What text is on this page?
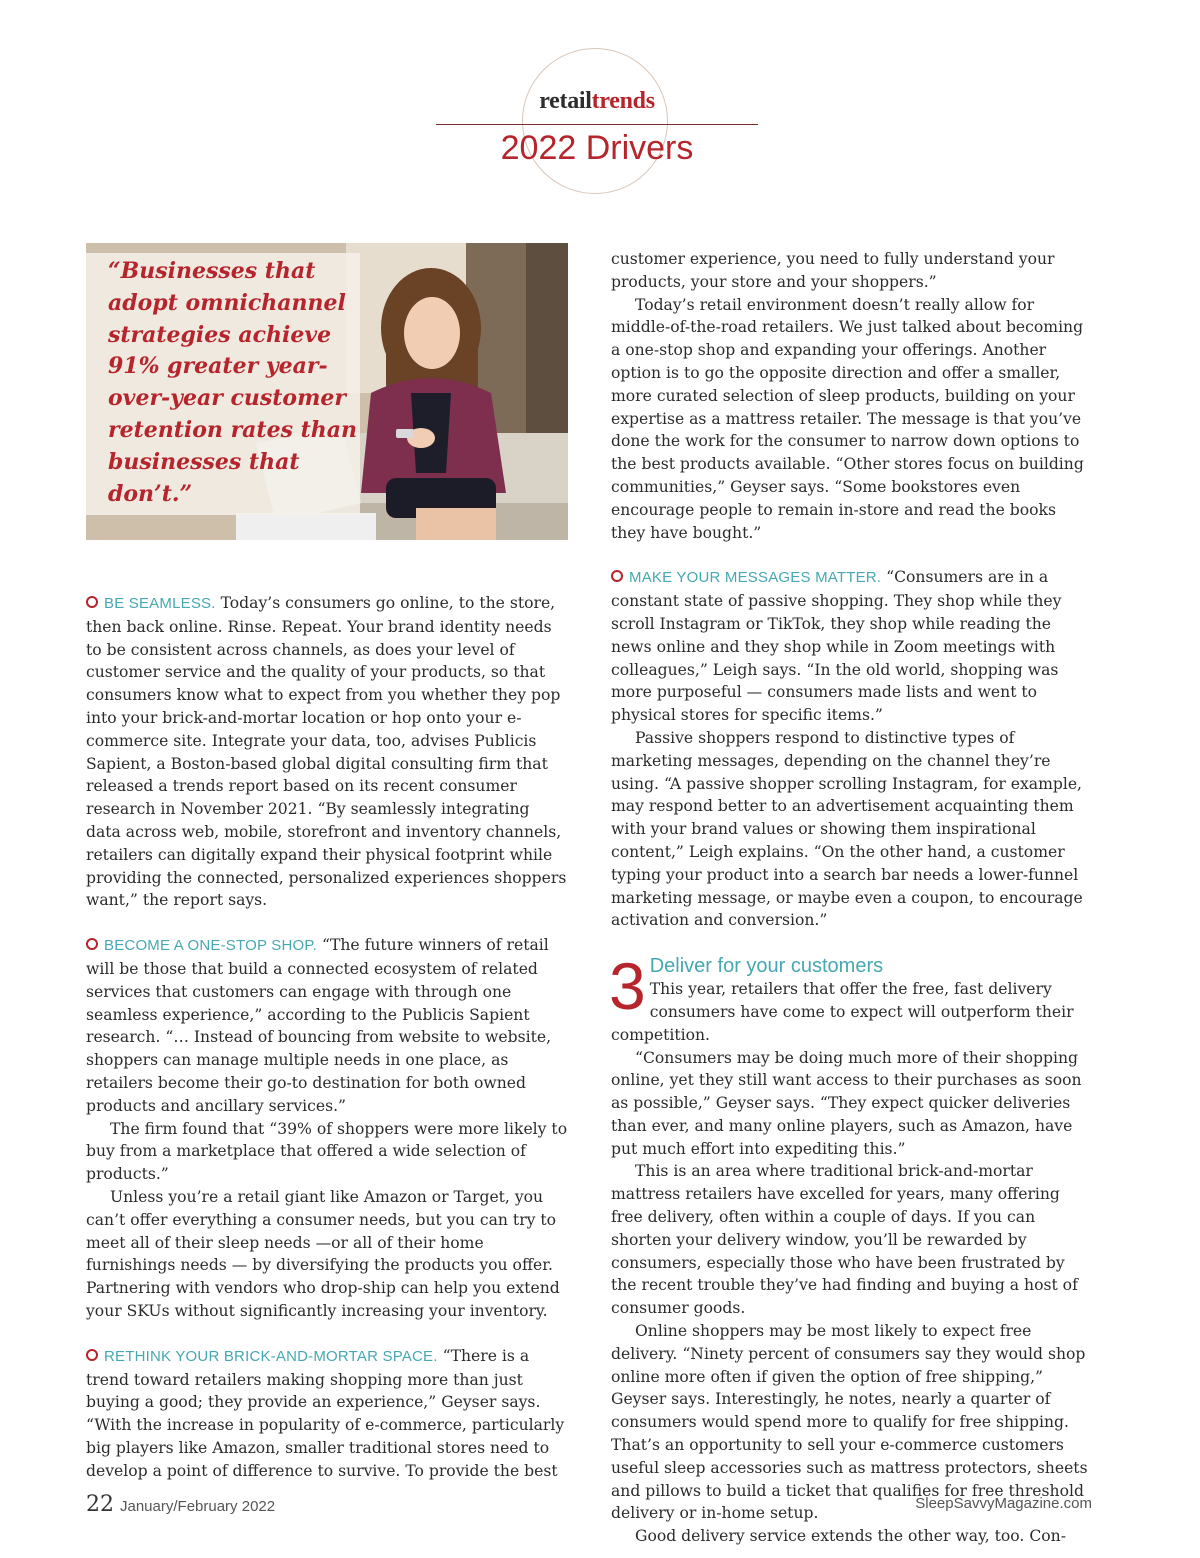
retailtrends
2022 Drivers

“Businesses that adopt omnichannel strategies achieve 91% greater year-over-year customer retention rates than businesses that don’t.”

BE SEAMLESS. Today’s consumers go online, to the store, then back online. Rinse. Repeat. Your brand identity needs to be consistent across channels, as does your level of customer service and the quality of your products, so that consumers know what to expect from you whether they pop into your brick-and-mortar location or hop onto your e-commerce site. Integrate your data, too, advises Publicis Sapient, a Boston-based global digital consulting firm that released a trends report based on its recent consumer research in November 2021. “By seamlessly integrating data across web, mobile, storefront and inventory channels, retailers can digitally expand their physical footprint while providing the connected, personalized experiences shoppers want,” the report says.

BECOME A ONE-STOP SHOP. “The future winners of retail will be those that build a connected ecosystem of related services that customers can engage with through one seamless experience,” according to the Publicis Sapient research. “… Instead of bouncing from website to website, shoppers can manage multiple needs in one place, as retailers become their go-to destination for both owned products and ancillary services.”

The firm found that “39% of shoppers were more likely to buy from a marketplace that offered a wide selection of products.”

Unless you’re a retail giant like Amazon or Target, you can’t offer everything a consumer needs, but you can try to meet all of their sleep needs —or all of their home furnishings needs — by diversifying the products you offer. Partnering with vendors who drop-ship can help you extend your SKUs without significantly increasing your inventory.

RETHINK YOUR BRICK-AND-MORTAR SPACE. “There is a trend toward retailers making shopping more than just buying a good; they provide an experience,” Geyser says. “With the increase in popularity of e-commerce, particularly big players like Amazon, smaller traditional stores need to develop a point of difference to survive. To provide the best

customer experience, you need to fully understand your products, your store and your shoppers.”

Today’s retail environment doesn’t really allow for middle-of-the-road retailers. We just talked about becoming a one-stop shop and expanding your offerings. Another option is to go the opposite direction and offer a smaller, more curated selection of sleep products, building on your expertise as a mattress retailer. The message is that you’ve done the work for the consumer to narrow down options to the best products available. “Other stores focus on building communities,” Geyser says. “Some bookstores even encourage people to remain in-store and read the books they have bought.”

MAKE YOUR MESSAGES MATTER. “Consumers are in a constant state of passive shopping. They shop while they scroll Instagram or TikTok, they shop while reading the news online and they shop while in Zoom meetings with colleagues,” Leigh says. “In the old world, shopping was more purposeful — consumers made lists and went to physical stores for specific items.”

Passive shoppers respond to distinctive types of marketing messages, depending on the channel they’re using. “A passive shopper scrolling Instagram, for example, may respond better to an advertisement acquainting them with your brand values or showing them inspirational content,” Leigh explains. “On the other hand, a customer typing your product into a search bar needs a lower-funnel marketing message, or maybe even a coupon, to encourage activation and conversion.”

3 Deliver for your customers

This year, retailers that offer the free, fast delivery consumers have come to expect will outperform their competition.

“Consumers may be doing much more of their shopping online, yet they still want access to their purchases as soon as possible,” Geyser says. “They expect quicker deliveries than ever, and many online players, such as Amazon, have put much effort into expediting this.”

This is an area where traditional brick-and-mortar mattress retailers have excelled for years, many offering free delivery, often within a couple of days. If you can shorten your delivery window, you’ll be rewarded by consumers, especially those who have been frustrated by the recent trouble they’ve had finding and buying a host of consumer goods.

Online shoppers may be most likely to expect free delivery. “Ninety percent of consumers say they would shop online more often if given the option of free shipping,” Geyser says. Interestingly, he notes, nearly a quarter of consumers would spend more to qualify for free shipping. That’s an opportunity to sell your e-commerce customers useful sleep accessories such as mattress protectors, sheets and pillows to build a ticket that qualifies for free threshold delivery or in-home setup.

Good delivery service extends the other way, too. Con-

22 January/February 2022	SleepSavvyMagazine.com
